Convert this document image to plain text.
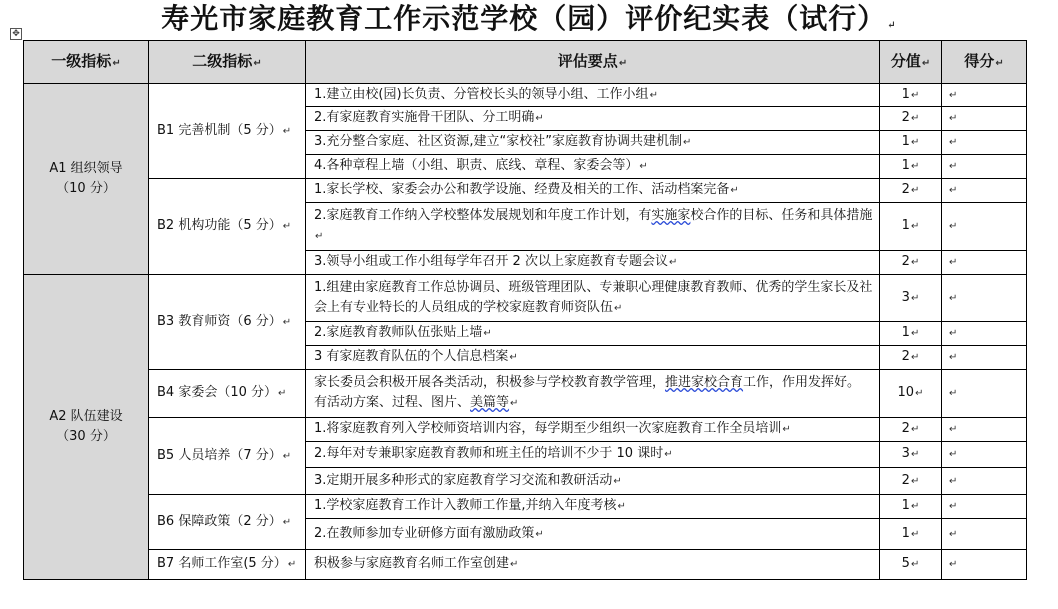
寿光市家庭教育工作示范学校（园）评价纪实表（试行）↵
✥
一级指标↵	二级指标↵	评估要点↵	分值↵	得分↵

A1 组织领导
（10 分）	B1 完善机制（5 分）↵	1.建立由校(园)长负责、分管校长头的领导小组、工作小组↵	1↵	↵
		2.有家庭教育实施骨干团队、分工明确↵	2↵	↵
		3.充分整合家庭、社区资源,建立“家校社”家庭教育协调共建机制↵	1↵	↵
		4.各种章程上墙（小组、职责、底线、章程、家委会等）↵	1↵	↵
	B2 机构功能（5 分）↵	1.家长学校、家委会办公和教学设施、经费及相关的工作、活动档案完备↵	2↵	↵
		2.家庭教育工作纳入学校整体发展规划和年度工作计划，有实施家校合作的目标、任务和具体措施↵	1↵	↵
		3.领导小组或工作小组每学年召开 2 次以上家庭教育专题会议↵	2↵	↵

A2 队伍建设
（30 分）	B3 教育师资（6 分）↵	1.组建由家庭教育工作总协调员、班级管理团队、专兼职心理健康教育教师、优秀的学生家长及社会上有专业特长的人员组成的学校家庭教育师资队伍↵	3↵	↵
		2.家庭教育教师队伍张贴上墙↵	1↵	↵
		3 有家庭教育队伍的个人信息档案↵	2↵	↵
	B4 家委会（10 分）↵	家长委员会积极开展各类活动，积极参与学校教育教学管理，推进家校合育工作，作用发挥好。有活动方案、过程、图片、美篇等↵	10↵	↵
	B5 人员培养（7 分）↵	1.将家庭教育列入学校师资培训内容，每学期至少组织一次家庭教育工作全员培训↵	2↵	↵
		2.每年对专兼职家庭教育教师和班主任的培训不少于 10 课时↵	3↵	↵
		3.定期开展多种形式的家庭教育学习交流和教研活动↵	2↵	↵
	B6 保障政策（2 分）↵	1.学校家庭教育工作计入教师工作量,并纳入年度考核↵	1↵	↵
		2.在教师参加专业研修方面有激励政策↵	1↵	↵
	B7 名师工作室(5 分）↵	积极参与家庭教育名师工作室创建↵	5↵	↵
